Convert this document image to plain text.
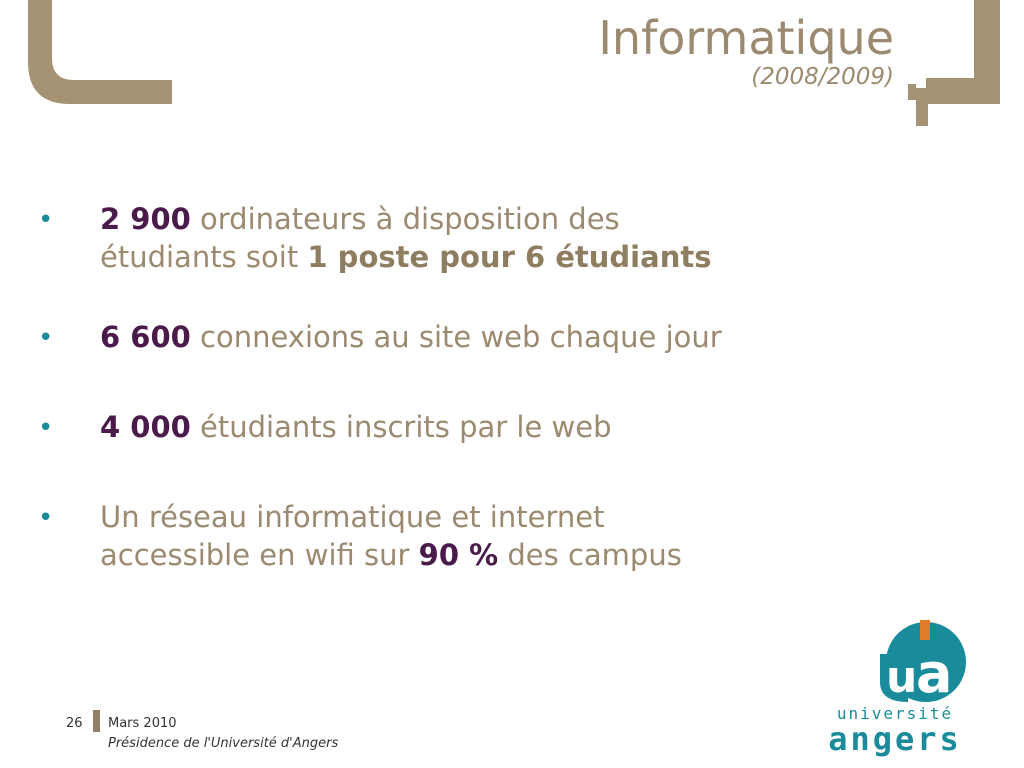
Informatique
(2008/2009)
• 2 900 ordinateurs à disposition des
étudiants soit 1 poste pour 6 étudiants
• 6 600 connexions au site web chaque jour
• 4 000 étudiants inscrits par le web
• Un réseau informatique et internet
accessible en wifi sur 90 % des campus
26 Mars 2010
Présidence de l'Université d'Angers
a
u
université
angers
